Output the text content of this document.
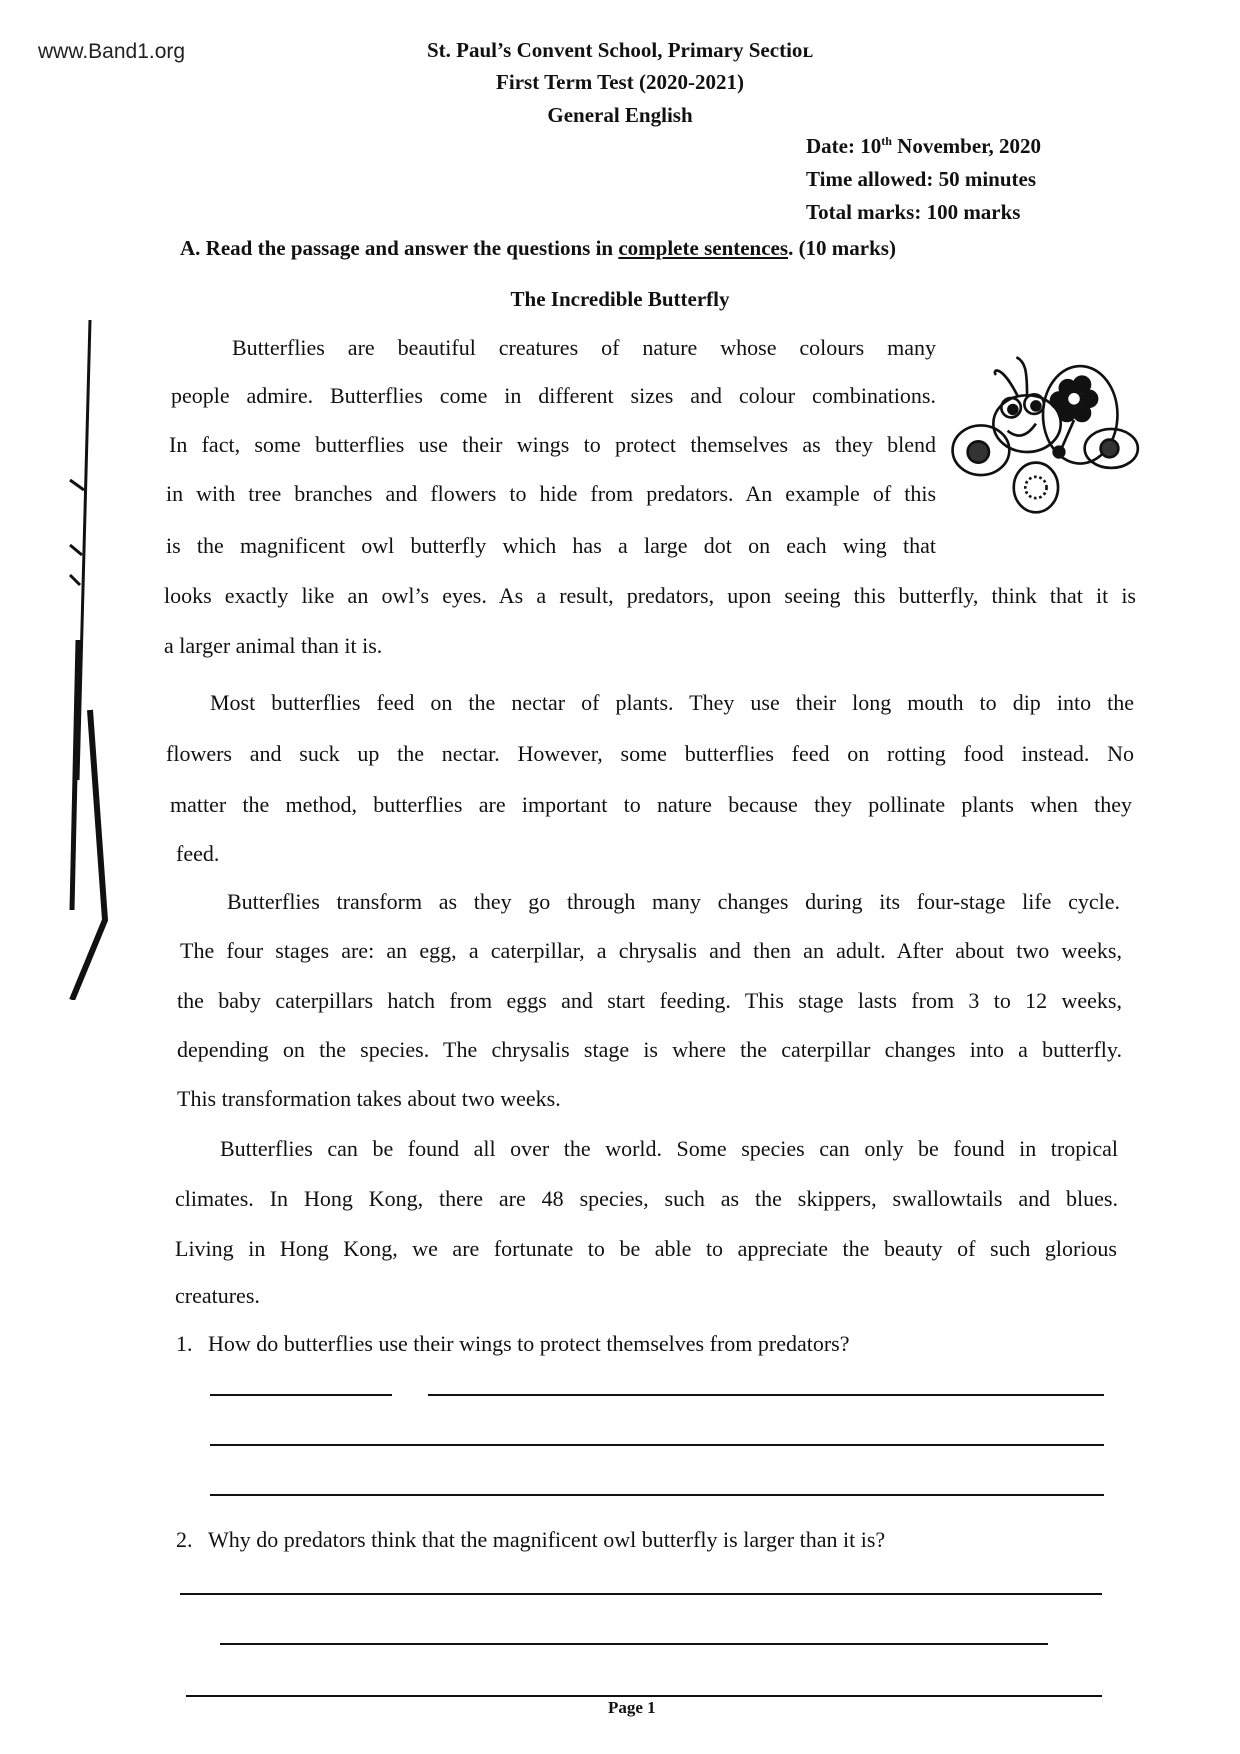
www.Band1.org	St. Paul’s Convent School, Primary Sectioʟ
First Term Test (2020-2021)
General English
Date: 10th November, 2020
Time allowed: 50 minutes
Total marks: 100 marks
A. Read the passage and answer the questions in complete sentences. (10 marks)
The Incredible Butterfly
Butterflies are beautiful creatures of nature whose colours many
people admire. Butterflies come in different sizes and colour combinations.
In fact, some butterflies use their wings to protect themselves as they blend
in with tree branches and flowers to hide from predators. An example of this
is the magnificent owl butterfly which has a large dot on each wing that
looks exactly like an owl’s eyes. As a result, predators, upon seeing this butterfly, think that it is
a larger animal than it is.
Most butterflies feed on the nectar of plants. They use their long mouth to dip into the
flowers and suck up the nectar. However, some butterflies feed on rotting food instead. No
matter the method, butterflies are important to nature because they pollinate plants when they
feed.
Butterflies transform as they go through many changes during its four-stage life cycle.
The four stages are: an egg, a caterpillar, a chrysalis and then an adult. After about two weeks,
the baby caterpillars hatch from eggs and start feeding. This stage lasts from 3 to 12 weeks,
depending on the species. The chrysalis stage is where the caterpillar changes into a butterfly.
This transformation takes about two weeks.
Butterflies can be found all over the world. Some species can only be found in tropical
climates. In Hong Kong, there are 48 species, such as the skippers, swallowtails and blues.
Living in Hong Kong, we are fortunate to be able to appreciate the beauty of such glorious
creatures.
1. How do butterflies use their wings to protect themselves from predators?
2. Why do predators think that the magnificent owl butterfly is larger than it is?
Page 1
